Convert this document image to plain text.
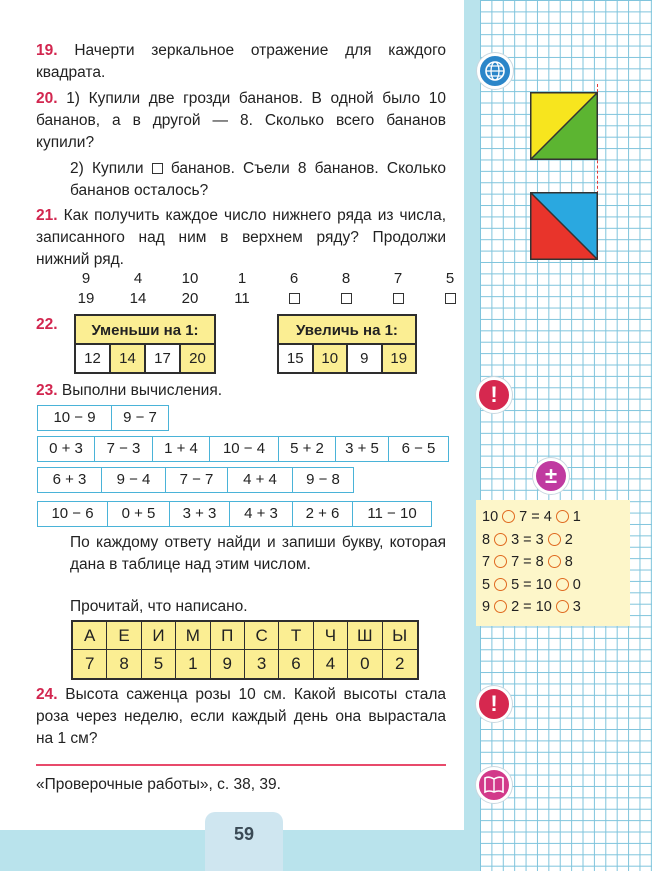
59
19. Начерти зеркальное отражение для каждого квадрата.
20. 1) Купили две грозди бананов. В одной было 10 бананов, а в другой — 8. Сколько всего бананов купили?
2) Купили бананов. Съели 8 бананов. Сколько бананов осталось?
21. Как получить каждое число нижнего ряда из числа, записанного над ним в верхнем ряду? Продолжи нижний ряд.
9	4	10	1	6	8	7	5
19	14	20	11
22.	Уменьши на 1:
12	14	17	20
Увеличь на 1:
15	10	9	19
23. Выполни вычисления.
10 − 9	9 − 7
0 + 3	7 − 3	1 + 4	10 − 4	5 + 2	3 + 5	6 − 5
6 + 3	9 − 4	7 − 7	4 + 4	9 − 8
10 − 6	0 + 5	3 + 3	4 + 3	2 + 6	11 − 10
По каждому ответу найди и запиши букву, которая дана в таблице над этим числом.
Прочитай, что написано.
А	Е	И	М	П	С	Т	Ч	Ш	Ы
7	8	5	1	9	3	6	4	0	2
24. Высота саженца розы 10 см. Какой высоты стала роза через неделю, если каждый день она вырастала на 1 см?
«Проверочные работы», с. 38, 39.
!
±
!
10 7 = 4 1
8 3 = 3 2
7 7 = 8 8
5 5 = 10 0
9 2 = 10 3
